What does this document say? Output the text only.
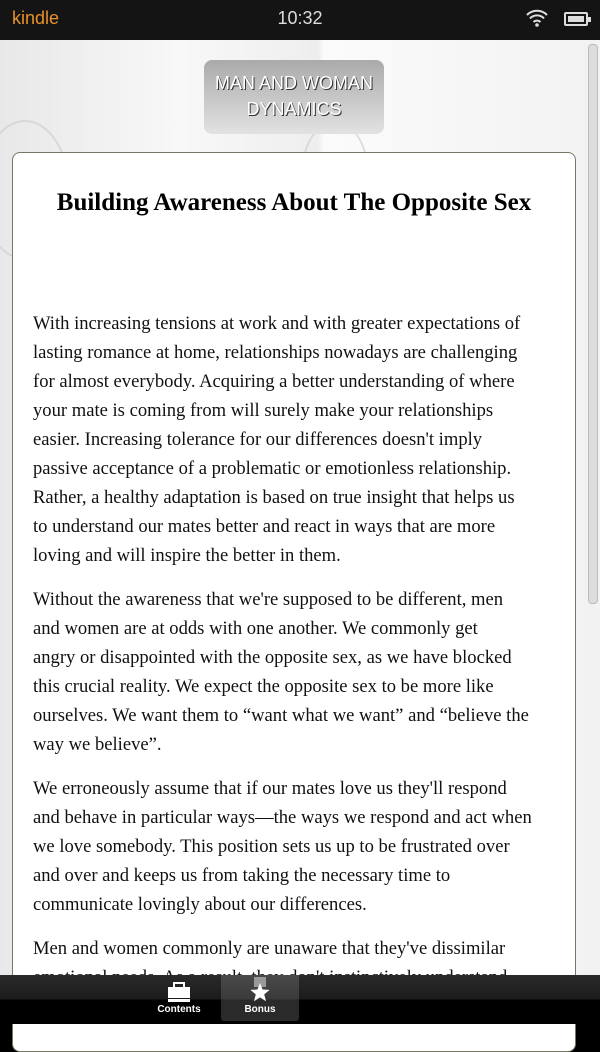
kindle	10:32
MAN AND WOMAN
DYNAMICS
Building Awareness About The Opposite Sex

With increasing tensions at work and with greater expectations of
lasting romance at home, relationships nowadays are challenging
for almost everybody. Acquiring a better understanding of where
your mate is coming from will surely make your relationships
easier. Increasing tolerance for our differences doesn't imply
passive acceptance of a problematic or emotionless relationship.
Rather, a healthy adaptation is based on true insight that helps us
to understand our mates better and react in ways that are more
loving and will inspire the better in them.

Without the awareness that we're supposed to be different, men
and women are at odds with one another. We commonly get
angry or disappointed with the opposite sex, as we have blocked
this crucial reality. We expect the opposite sex to be more like
ourselves. We want them to “want what we want” and “believe the
way we believe”.

We erroneously assume that if our mates love us they'll respond
and behave in particular ways—the ways we respond and act when
we love somebody. This position sets us up to be frustrated over
and over and keeps us from taking the necessary time to
communicate lovingly about our differences.

Men and women commonly are unaware that they've dissimilar

Contents	Bonus
